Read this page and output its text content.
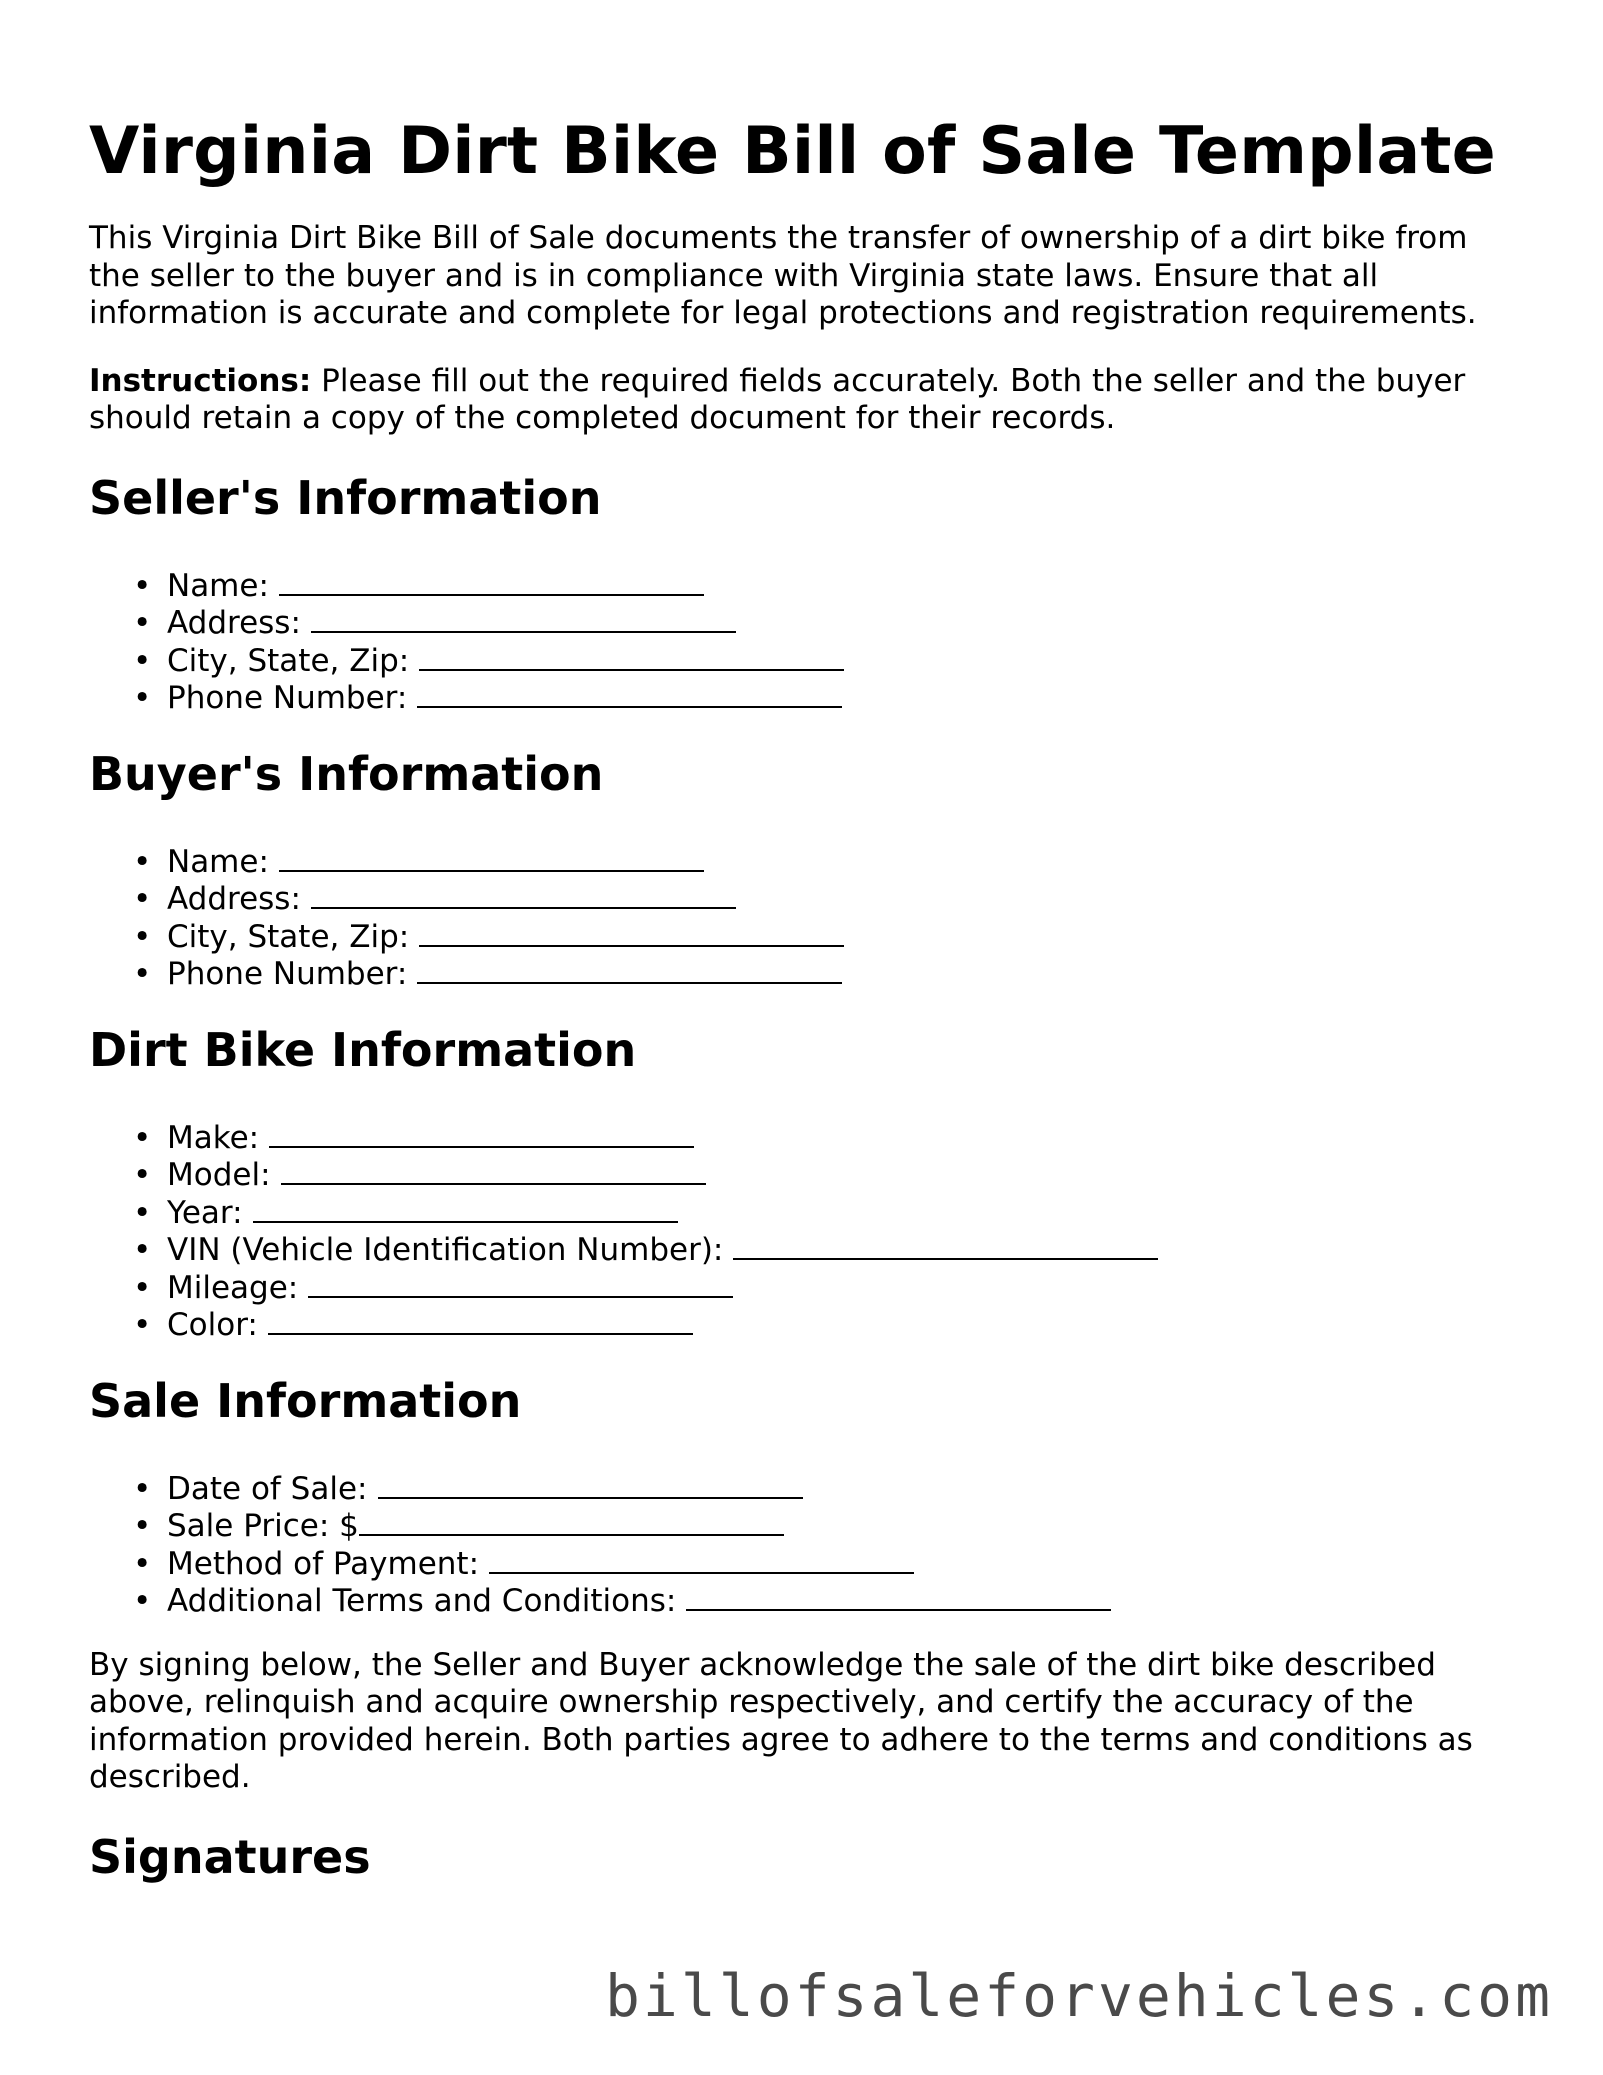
Virginia Dirt Bike Bill of Sale Template

This Virginia Dirt Bike Bill of Sale documents the transfer of ownership of a dirt bike from the seller to the buyer and is in compliance with Virginia state laws. Ensure that all information is accurate and complete for legal protections and registration requirements.

Instructions: Please fill out the required fields accurately. Both the seller and the buyer should retain a copy of the completed document for their records.

Seller's Information
• Name:
• Address:
• City, State, Zip:
• Phone Number:
Buyer's Information
• Name:
• Address:
• City, State, Zip:
• Phone Number:
Dirt Bike Information
• Make:
• Model:
• Year:
• VIN (Vehicle Identification Number):
• Mileage:
• Color:
Sale Information
• Date of Sale:
• Sale Price: $
• Method of Payment:
• Additional Terms and Conditions:

By signing below, the Seller and Buyer acknowledge the sale of the dirt bike described above, relinquish and acquire ownership respectively, and certify the accuracy of the information provided herein. Both parties agree to adhere to the terms and conditions as described.

Signatures
billofsaleforvehicles.com
